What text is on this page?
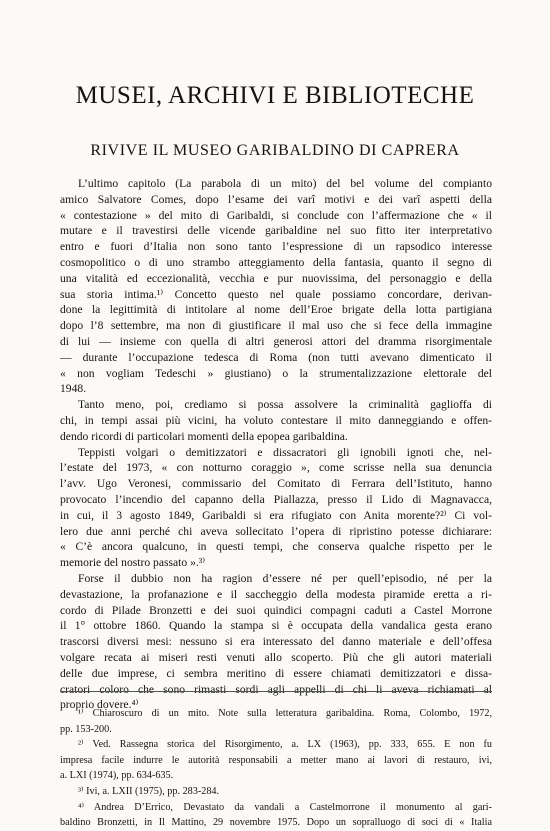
MUSEI, ARCHIVI E BIBLIOTECHE
RIVIVE IL MUSEO GARIBALDINO DI CAPRERA
L’ultimo capitolo (La parabola di un mito) del bel volume del compianto
amico Salvatore Comes, dopo l’esame dei varî motivi e dei varî aspetti della
« contestazione » del mito di Garibaldi, si conclude con l’affermazione che « il
mutare e il travestirsi delle vicende garibaldine nel suo fitto iter interpretativo
entro e fuori d’Italia non sono tanto l’espressione di un rapsodico interesse
cosmopolitico o di uno strambo atteggiamento della fantasia, quanto il segno di
una vitalità ed eccezionalità, vecchia e pur nuovissima, del personaggio e della
sua storia intima.¹⁾ Concetto questo nel quale possiamo concordare, derivan-
done la legittimità di intitolare al nome dell’Eroe brigate della lotta partigiana
dopo l’8 settembre, ma non di giustificare il mal uso che si fece della immagine
di lui — insieme con quella di altri generosi attori del dramma risorgimentale
— durante l’occupazione tedesca di Roma (non tutti avevano dimenticato il
« non vogliam Tedeschi » giustiano) o la strumentalizzazione elettorale del
1948.
Tanto meno, poi, crediamo si possa assolvere la criminalità gaglioffa di
chi, in tempi assai più vicini, ha voluto contestare il mito danneggiando e offen-
dendo ricordi di particolari momenti della epopea garibaldina.
Teppisti volgari o demitizzatori e dissacratori gli ignobili ignoti che, nel-
l’estate del 1973, « con notturno coraggio », come scrisse nella sua denuncia
l’avv. Ugo Veronesi, commissario del Comitato di Ferrara dell’Istituto, hanno
provocato l’incendio del capanno della Piallazza, presso il Lido di Magnavacca,
in cui, il 3 agosto 1849, Garibaldi si era rifugiato con Anita morente?²⁾ Ci vol-
lero due anni perché chi aveva sollecitato l’opera di ripristino potesse dichiarare:
« C’è ancora qualcuno, in questi tempi, che conserva qualche rispetto per le
memorie del nostro passato ».³⁾
Forse il dubbio non ha ragion d’essere né per quell’episodio, né per la
devastazione, la profanazione e il saccheggio della modesta piramide eretta a ri-
cordo di Pilade Bronzetti e dei suoi quindici compagni caduti a Castel Morrone
il 1° ottobre 1860. Quando la stampa si è occupata della vandalica gesta erano
trascorsi diversi mesi: nessuno si era interessato del danno materiale e dell’offesa
volgare recata ai miseri resti venuti allo scoperto. Più che gli autori materiali
delle due imprese, ci sembra meritino di essere chiamati demitizzatori e dissa-
cratori coloro che sono rimasti sordi agli appelli di chi li aveva richiamati al
proprio dovere.⁴⁾
¹⁾ Chiaroscuro di un mito. Note sulla letteratura garibaldina. Roma, Colombo, 1972,
pp. 153-200.
²⁾ Ved. Rassegna storica del Risorgimento, a. LX (1963), pp. 333, 655. E non fu
impresa facile indurre le autorità responsabili a metter mano ai lavori di restauro, ivi,
a. LXI (1974), pp. 634-635.
³⁾ Ivi, a. LXII (1975), pp. 283-284.
⁴⁾ Andrea D’Errico, Devastato da vandali a Castelmorrone il monumento al gari-
baldino Bronzetti, in Il Mattino, 29 novembre 1975. Dopo un sopralluogo di soci di « Italia
